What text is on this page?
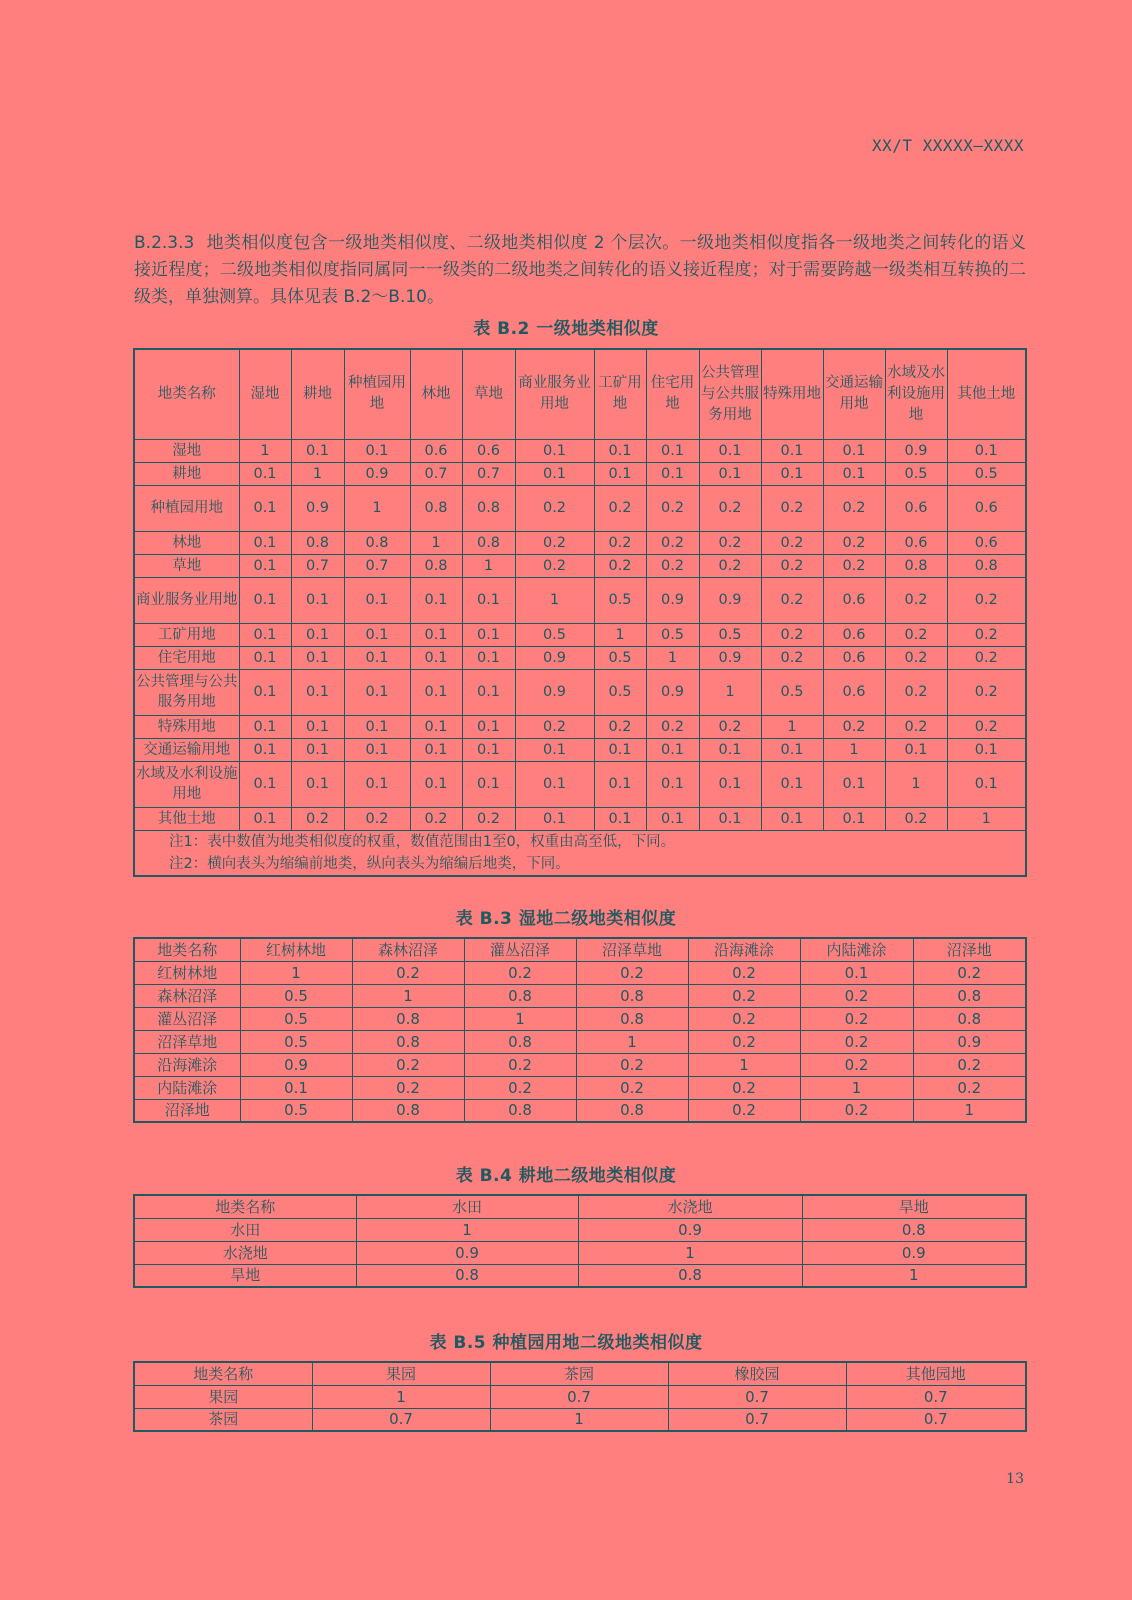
XX/T XXXXX—XXXX
B.2.3.3 地类相似度包含一级地类相似度、二级地类相似度 2 个层次。一级地类相似度指各一级地类之间转化的语义接近程度；二级地类相似度指同属同一一级类的二级地类之间转化的语义接近程度；对于需要跨越一级类相互转换的二级类，单独测算。具体见表 B.2～B.10。
表 B.2 一级地类相似度
地类名称	湿地	耕地	种植园用地	林地	草地	商业服务业用地	工矿用地	住宅用地	公共管理与公共服务用地	特殊用地	交通运输用地	水域及水利设施用地	其他土地
湿地	1	0.1	0.1	0.6	0.6	0.1	0.1	0.1	0.1	0.1	0.1	0.9	0.1
耕地	0.1	1	0.9	0.7	0.7	0.1	0.1	0.1	0.1	0.1	0.1	0.5	0.5
种植园用地	0.1	0.9	1	0.8	0.8	0.2	0.2	0.2	0.2	0.2	0.2	0.6	0.6
林地	0.1	0.8	0.8	1	0.8	0.2	0.2	0.2	0.2	0.2	0.2	0.6	0.6
草地	0.1	0.7	0.7	0.8	1	0.2	0.2	0.2	0.2	0.2	0.2	0.8	0.8
商业服务业用地	0.1	0.1	0.1	0.1	0.1	1	0.5	0.9	0.9	0.2	0.6	0.2	0.2
工矿用地	0.1	0.1	0.1	0.1	0.1	0.5	1	0.5	0.5	0.2	0.6	0.2	0.2
住宅用地	0.1	0.1	0.1	0.1	0.1	0.9	0.5	1	0.9	0.2	0.6	0.2	0.2
公共管理与公共服务用地	0.1	0.1	0.1	0.1	0.1	0.9	0.5	0.9	1	0.5	0.6	0.2	0.2
特殊用地	0.1	0.1	0.1	0.1	0.1	0.2	0.2	0.2	0.2	1	0.2	0.2	0.2
交通运输用地	0.1	0.1	0.1	0.1	0.1	0.1	0.1	0.1	0.1	0.1	1	0.1	0.1
水域及水利设施用地	0.1	0.1	0.1	0.1	0.1	0.1	0.1	0.1	0.1	0.1	0.1	1	0.1
其他土地	0.1	0.2	0.2	0.2	0.2	0.1	0.1	0.1	0.1	0.1	0.1	0.2	1

注1：表中数值为地类相似度的权重，数值范围由1至0，权重由高至低，下同。
注2：横向表头为缩编前地类，纵向表头为缩编后地类，下同。													
表 B.3 湿地二级地类相似度
地类名称	红树林地	森林沼泽	灌丛沼泽	沼泽草地	沿海滩涂	内陆滩涂	沼泽地
红树林地	1	0.2	0.2	0.2	0.2	0.1	0.2
森林沼泽	0.5	1	0.8	0.8	0.2	0.2	0.8
灌丛沼泽	0.5	0.8	1	0.8	0.2	0.2	0.8
沼泽草地	0.5	0.8	0.8	1	0.2	0.2	0.9
沿海滩涂	0.9	0.2	0.2	0.2	1	0.2	0.2
内陆滩涂	0.1	0.2	0.2	0.2	0.2	1	0.2
沼泽地	0.5	0.8	0.8	0.8	0.2	0.2	1
表 B.4 耕地二级地类相似度
地类名称	水田	水浇地	旱地
水田	1	0.9	0.8
水浇地	0.9	1	0.9
旱地	0.8	0.8	1
表 B.5 种植园用地二级地类相似度
地类名称	果园	茶园	橡胶园	其他园地
果园	1	0.7	0.7	0.7
茶园	0.7	1	0.7	0.7
13
